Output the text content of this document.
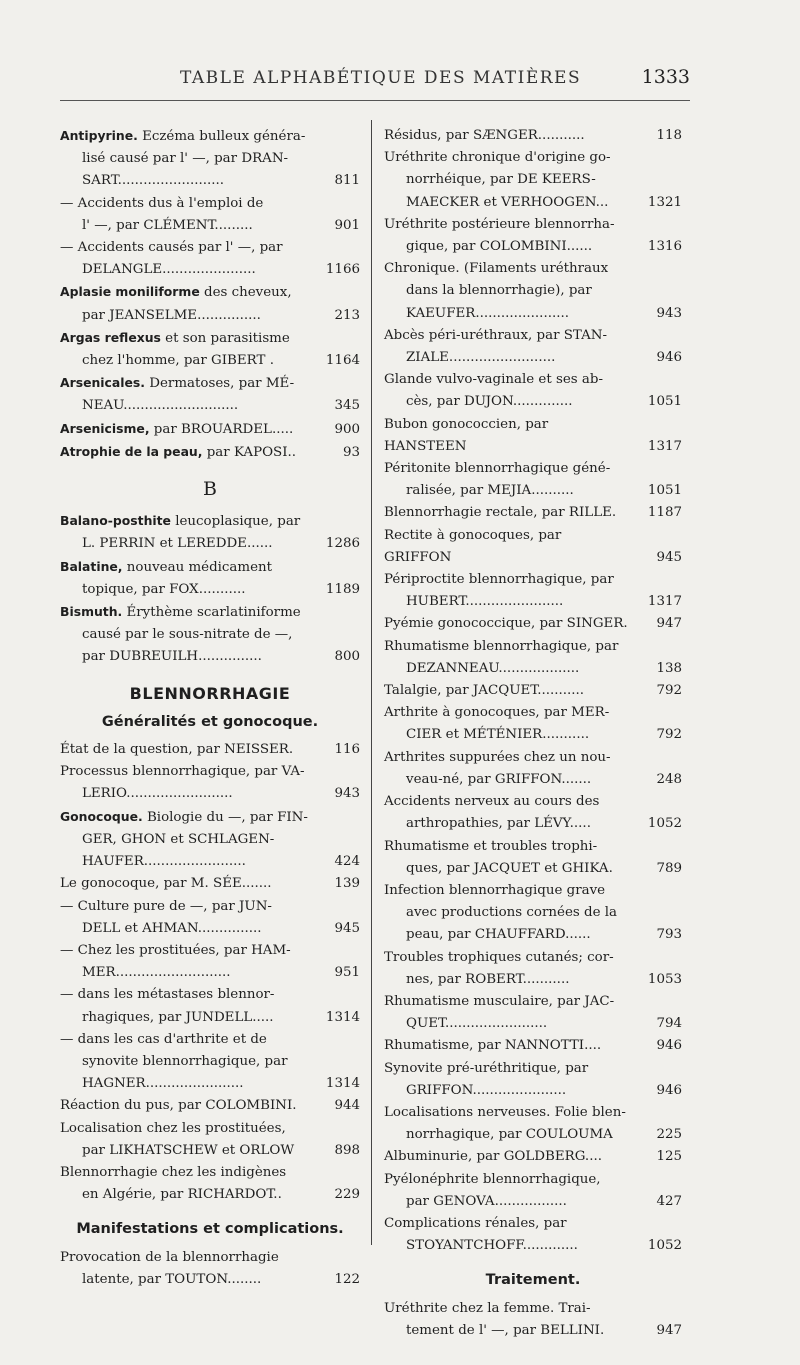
TABLE ALPHABÉTIQUE DES MATIÈRES	1333
Antipyrine. Eczéma bulleux généra-
lisé causé par l' —, par DRAN-
SART.........................	811
— Accidents dus à l'emploi de
l' —, par CLÉMENT.........	901
— Accidents causés par l' —, par
DELANGLE......................	1166
Aplasie moniliforme des cheveux,
par JEANSELME...............	213
Argas reflexus et son parasitisme
chez l'homme, par GIBERT .	1164
Arsenicales. Dermatoses, par MÉ-
NEAU...........................	345
Arsenicisme, par BROUARDEL.....	900
Atrophie de la peau, par KAPOSI..	93
B
Balano-posthite leucoplasique, par
L. PERRIN et LEREDDE......	1286
Balatine, nouveau médicament
topique, par FOX...........	1189
Bismuth. Érythème scarlatiniforme
causé par le sous-nitrate de —,
par DUBREUILH...............	800
BLENNORRHAGIE
Généralités et gonocoque.
État de la question, par NEISSER.	116
Processus blennorrhagique, par VA-
LERIO.........................	943
Gonocoque. Biologie du —, par FIN-
GER, GHON et SCHLAGEN-
HAUFER........................	424
Le gonocoque, par M. SÉE.......	139
— Culture pure de —, par JUN-
DELL et AHMAN...............	945
— Chez les prostituées, par HAM-
MER...........................	951
— dans les métastases blennor-
rhagiques, par JUNDELL.....	1314
— dans les cas d'arthrite et de
synovite blennorrhagique, par
HAGNER.......................	1314
Réaction du pus, par COLOMBINI.	944
Localisation chez les prostituées,
par LIKHATSCHEW et ORLOW	898
Blennorrhagie chez les indigènes
en Algérie, par RICHARDOT..	229
Manifestations et complications.
Provocation de la blennorrhagie
latente, par TOUTON........	122
Résidus, par SÆNGER...........	118
Uréthrite chronique d'origine go-
norrhéique, par DE KEERS-
MAECKER et VERHOOGEN...	1321
Uréthrite postérieure blennorrha-
gique, par COLOMBINI......	1316
Chronique. (Filaments uréthraux
dans la blennorrhagie), par
KAEUFER......................	943
Abcès péri-uréthraux, par STAN-
ZIALE.........................	946
Glande vulvo-vaginale et ses ab-
cès, par DUJON..............	1051
Bubon gonococcien, par HANSTEEN	1317
Péritonite blennorrhagique géné-
ralisée, par MEJIA..........	1051
Blennorrhagie rectale, par RILLE. 1187
Rectite à gonocoques, par GRIFFON	945
Périproctite blennorrhagique, par
HUBERT.......................	1317
Pyémie gonococcique, par SINGER. 947
Rhumatisme blennorrhagique, par
DEZANNEAU...................	138
Talalgie, par JACQUET...........	792
Arthrite à gonocoques, par MER-
CIER et MÉTÉNIER...........	792
Arthrites suppurées chez un nou-
veau-né, par GRIFFON.......	248
Accidents nerveux au cours des
arthropathies, par LÉVY.....	1052
Rhumatisme et troubles trophi-
ques, par JACQUET et GHIKA.	789
Infection blennorrhagique grave
avec productions cornées de la
peau, par CHAUFFARD......	793
Troubles trophiques cutanés; cor-
nes, par ROBERT...........	1053
Rhumatisme musculaire, par JAC-
QUET........................	794
Rhumatisme, par NANNOTTI....	946
Synovite pré-uréthritique, par
GRIFFON......................	946
Localisations nerveuses. Folie blen-
norrhagique, par COULOUMA	225
Albuminurie, par GOLDBERG....	125
Pyélonéphrite blennorrhagique,
par GENOVA.................	427
Complications rénales, par
STOYANTCHOFF.............	1052
Traitement.
Uréthrite chez la femme. Trai-
tement de l' —, par BELLINI.	947
